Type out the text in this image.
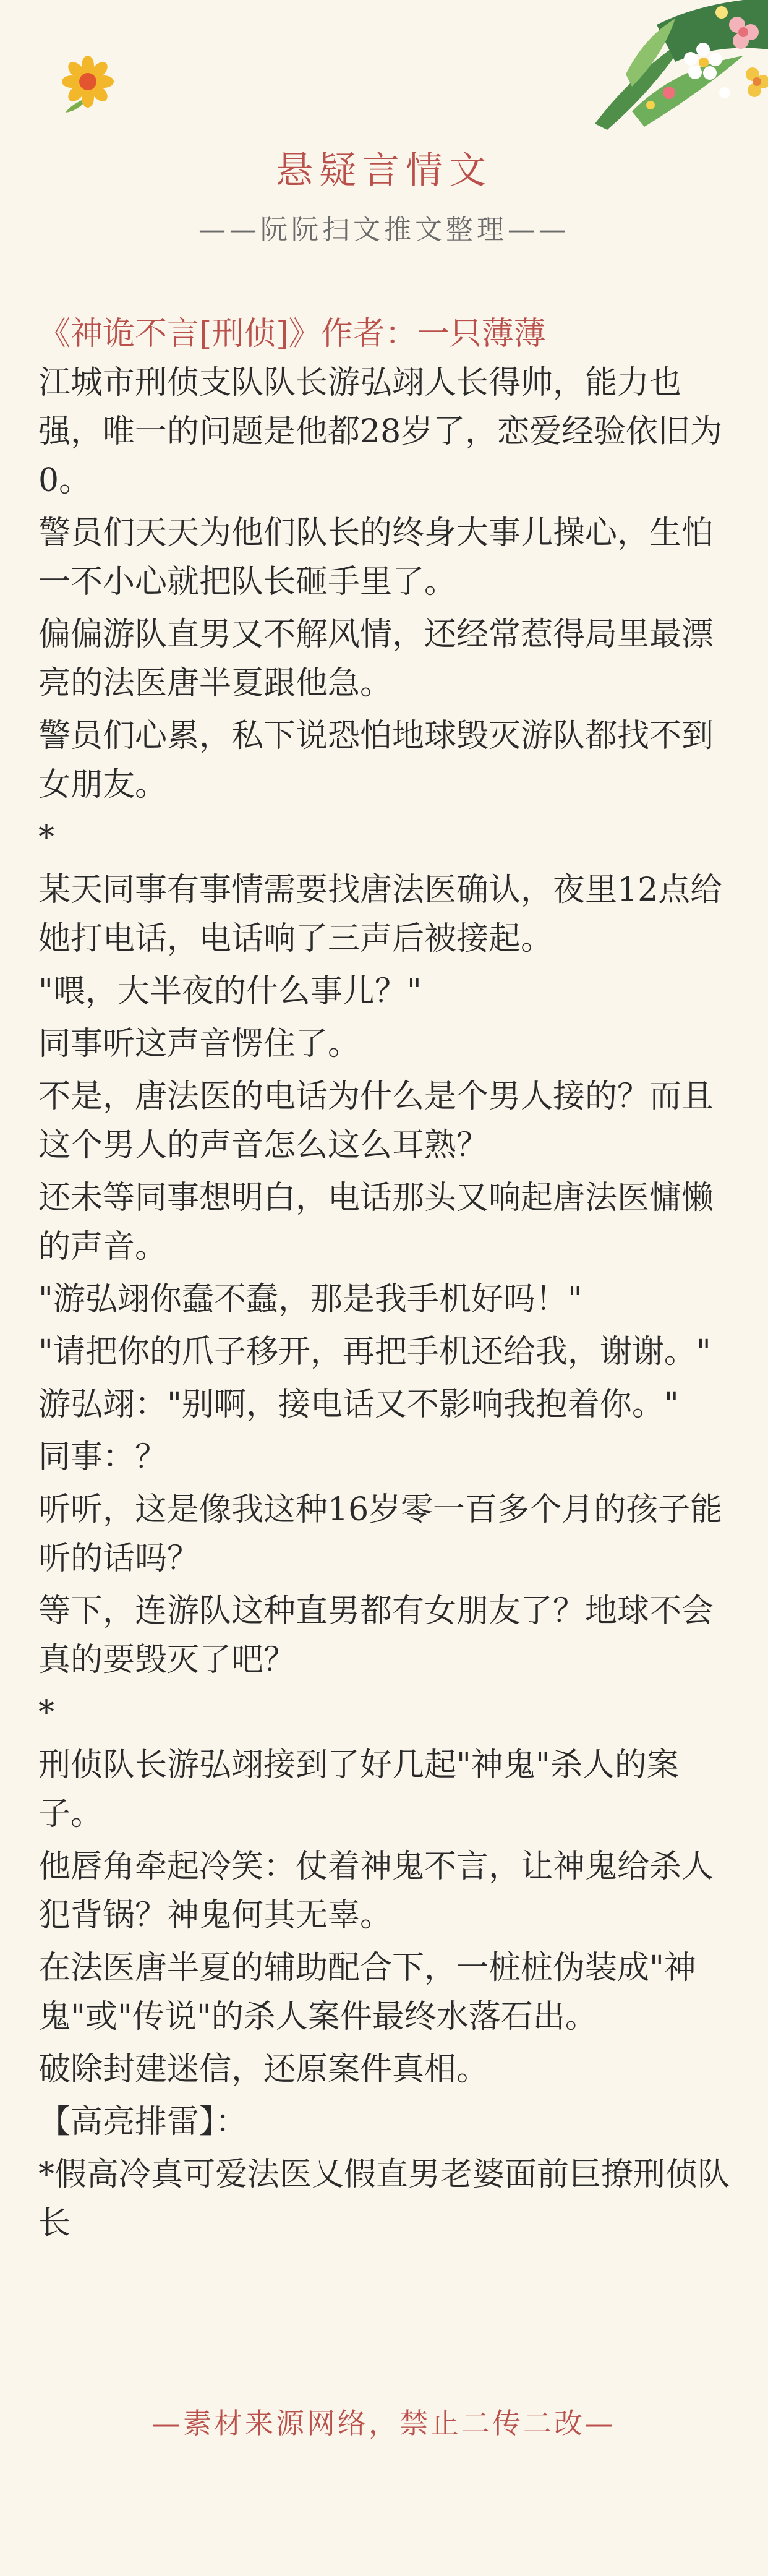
悬疑言情文
——阮阮扫文推文整理——

《神诡不言[刑侦]》作者：一只薄薄

江城市刑侦支队队长游弘翊人长得帅，能力也强，唯一的问题是他都28岁了，恋爱经验依旧为0。

警员们天天为他们队长的终身大事儿操心，生怕一不小心就把队长砸手里了。

偏偏游队直男又不解风情，还经常惹得局里最漂亮的法医唐半夏跟他急。

警员们心累，私下说恐怕地球毁灭游队都找不到女朋友。

*

某天同事有事情需要找唐法医确认，夜里12点给她打电话，电话响了三声后被接起。

"喂，大半夜的什么事儿？"

同事听这声音愣住了。

不是，唐法医的电话为什么是个男人接的？而且这个男人的声音怎么这么耳熟？

还未等同事想明白，电话那头又响起唐法医慵懒的声音。

"游弘翊你蠢不蠢，那是我手机好吗！"

"请把你的爪子移开，再把手机还给我，谢谢。"

游弘翊："别啊，接电话又不影响我抱着你。"

同事：？

听听，这是像我这种16岁零一百多个月的孩子能听的话吗？

等下，连游队这种直男都有女朋友了？地球不会真的要毁灭了吧？

*

刑侦队长游弘翊接到了好几起"神鬼"杀人的案子。

他唇角牵起冷笑：仗着神鬼不言，让神鬼给杀人犯背锅？神鬼何其无辜。

在法医唐半夏的辅助配合下，一桩桩伪装成"神鬼"或"传说"的杀人案件最终水落石出。

破除封建迷信，还原案件真相。

【高亮排雷】：

*假高冷真可爱法医乂假直男老婆面前巨撩刑侦队长

—素材来源网络，禁止二传二改—
